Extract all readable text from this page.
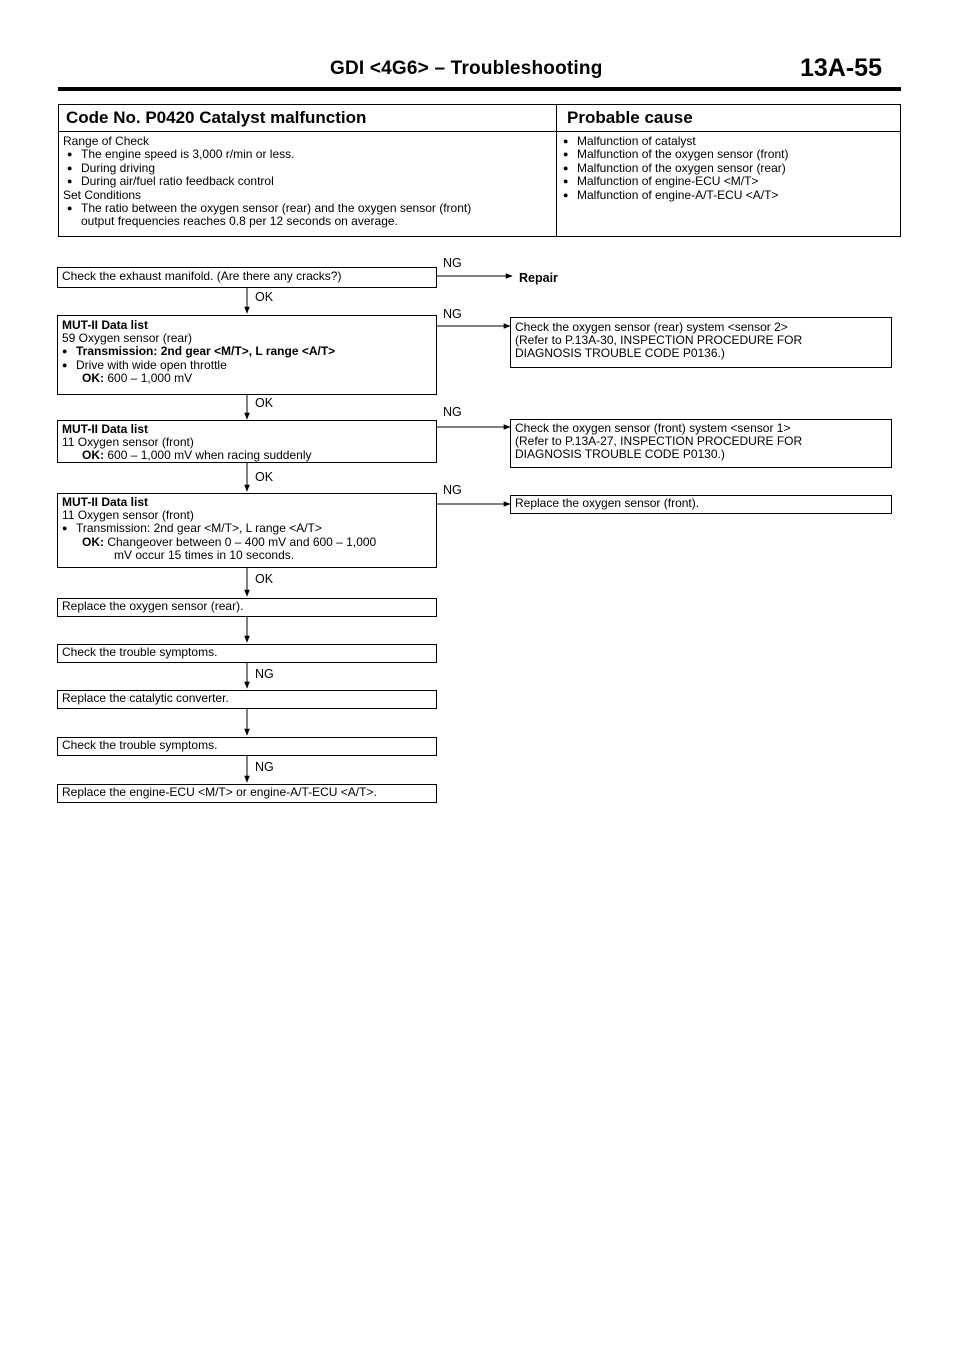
GDI <4G6> – Troubleshooting	13A-55
Code No. P0420 Catalyst malfunction	Probable cause
Range of Check
● The engine speed is 3,000 r/min or less.
● During driving
● During air/fuel ratio feedback control
Set Conditions
● The ratio between the oxygen sensor (rear) and the oxygen sensor (front)
output frequencies reaches 0.8 per 12 seconds on average.
● Malfunction of catalyst
● Malfunction of the oxygen sensor (front)
● Malfunction of the oxygen sensor (rear)
● Malfunction of engine-ECU <M/T>
● Malfunction of engine-A/T-ECU <A/T>
NG
OK
NG
OK
NG
OK
NG
OK
NG
NG
Repair
Check the exhaust manifold. (Are there any cracks?)
MUT-II Data list
59 Oxygen sensor (rear)
● Transmission: 2nd gear <M/T>, L range <A/T>
● Drive with wide open throttle
OK: 600 – 1,000 mV
Check the oxygen sensor (rear) system <sensor 2>
(Refer to P.13A-30, INSPECTION PROCEDURE FOR
DIAGNOSIS TROUBLE CODE P0136.)
MUT-II Data list
11 Oxygen sensor (front)
OK: 600 – 1,000 mV when racing suddenly
Check the oxygen sensor (front) system <sensor 1>
(Refer to P.13A-27, INSPECTION PROCEDURE FOR
DIAGNOSIS TROUBLE CODE P0130.)
MUT-II Data list
11 Oxygen sensor (front)
● Transmission: 2nd gear <M/T>, L range <A/T>
OK: Changeover between 0 – 400 mV and 600 – 1,000
mV occur 15 times in 10 seconds.
Replace the oxygen sensor (front).
Replace the oxygen sensor (rear).
Check the trouble symptoms.
Replace the catalytic converter.
Check the trouble symptoms.
Replace the engine-ECU <M/T> or engine-A/T-ECU <A/T>.
